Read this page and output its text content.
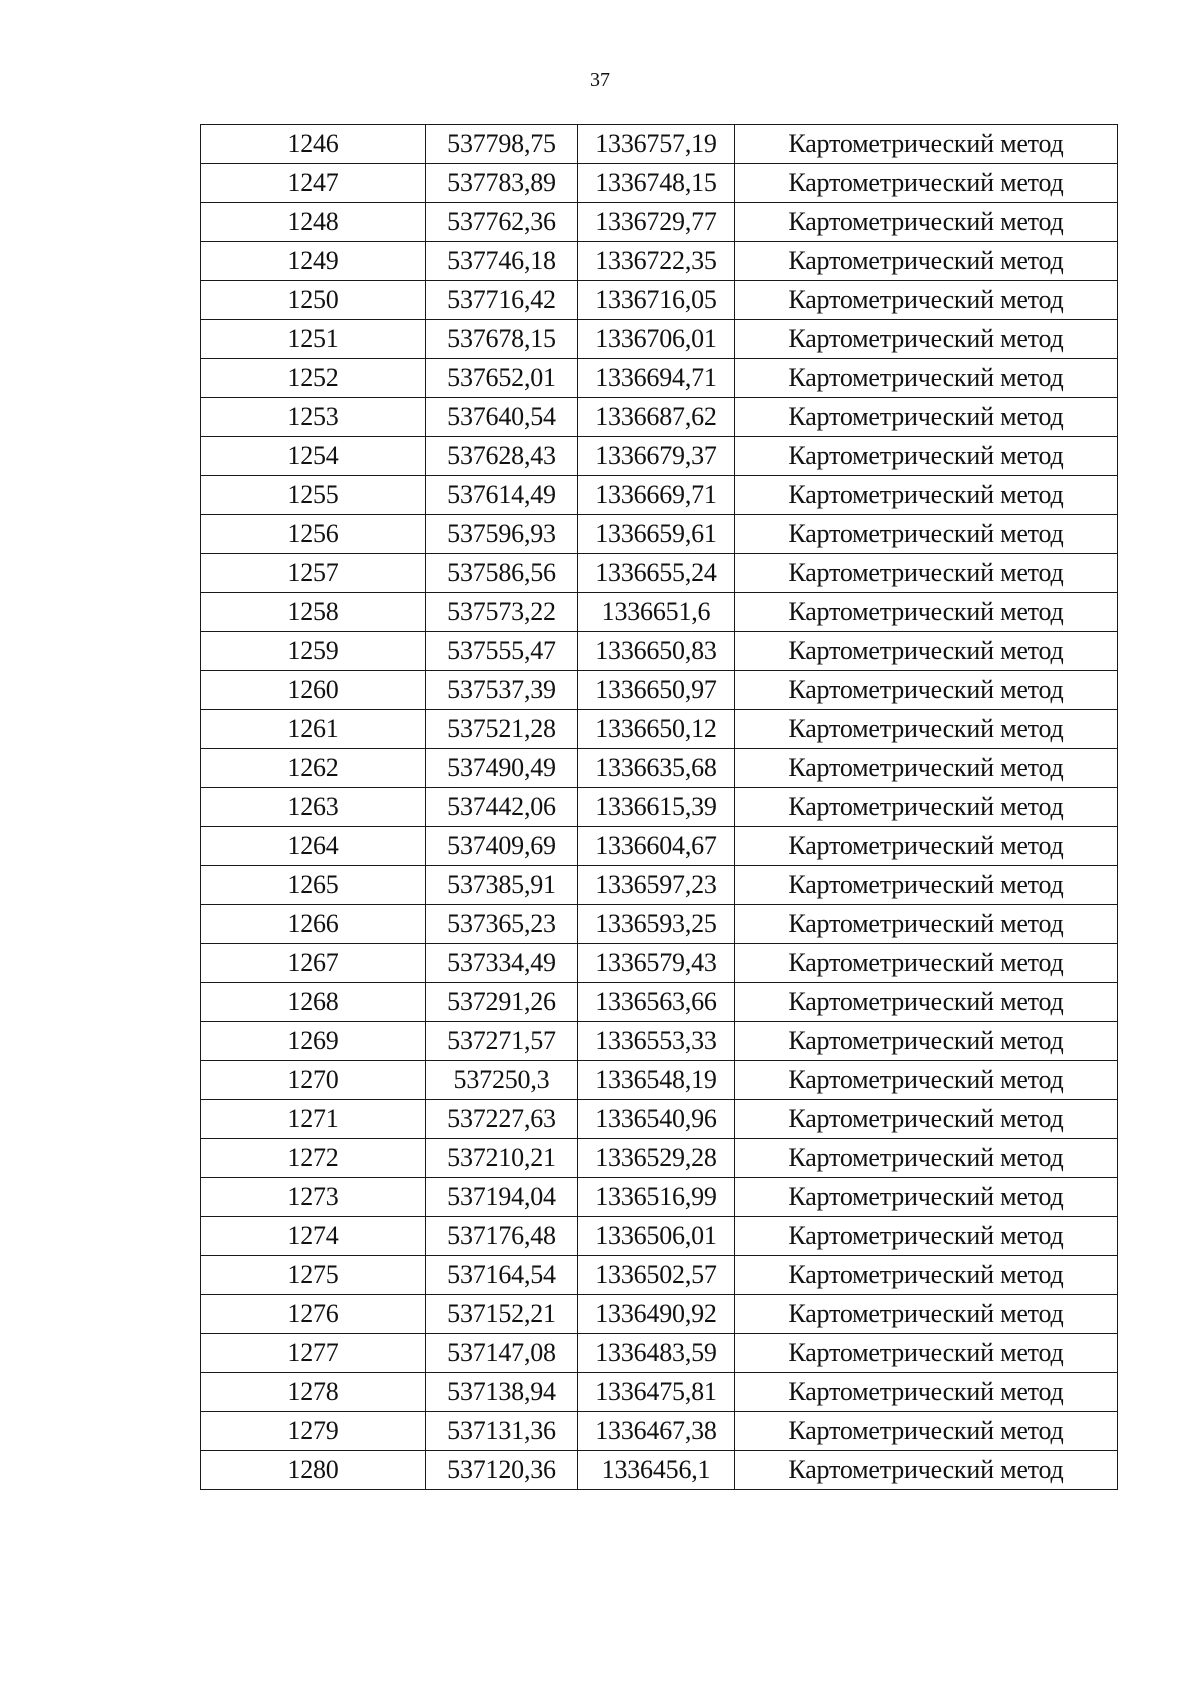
37
1246	537798,75	1336757,19	Картометрический метод
1247	537783,89	1336748,15	Картометрический метод
1248	537762,36	1336729,77	Картометрический метод
1249	537746,18	1336722,35	Картометрический метод
1250	537716,42	1336716,05	Картометрический метод
1251	537678,15	1336706,01	Картометрический метод
1252	537652,01	1336694,71	Картометрический метод
1253	537640,54	1336687,62	Картометрический метод
1254	537628,43	1336679,37	Картометрический метод
1255	537614,49	1336669,71	Картометрический метод
1256	537596,93	1336659,61	Картометрический метод
1257	537586,56	1336655,24	Картометрический метод
1258	537573,22	1336651,6	Картометрический метод
1259	537555,47	1336650,83	Картометрический метод
1260	537537,39	1336650,97	Картометрический метод
1261	537521,28	1336650,12	Картометрический метод
1262	537490,49	1336635,68	Картометрический метод
1263	537442,06	1336615,39	Картометрический метод
1264	537409,69	1336604,67	Картометрический метод
1265	537385,91	1336597,23	Картометрический метод
1266	537365,23	1336593,25	Картометрический метод
1267	537334,49	1336579,43	Картометрический метод
1268	537291,26	1336563,66	Картометрический метод
1269	537271,57	1336553,33	Картометрический метод
1270	537250,3	1336548,19	Картометрический метод
1271	537227,63	1336540,96	Картометрический метод
1272	537210,21	1336529,28	Картометрический метод
1273	537194,04	1336516,99	Картометрический метод
1274	537176,48	1336506,01	Картометрический метод
1275	537164,54	1336502,57	Картометрический метод
1276	537152,21	1336490,92	Картометрический метод
1277	537147,08	1336483,59	Картометрический метод
1278	537138,94	1336475,81	Картометрический метод
1279	537131,36	1336467,38	Картометрический метод
1280	537120,36	1336456,1	Картометрический метод
